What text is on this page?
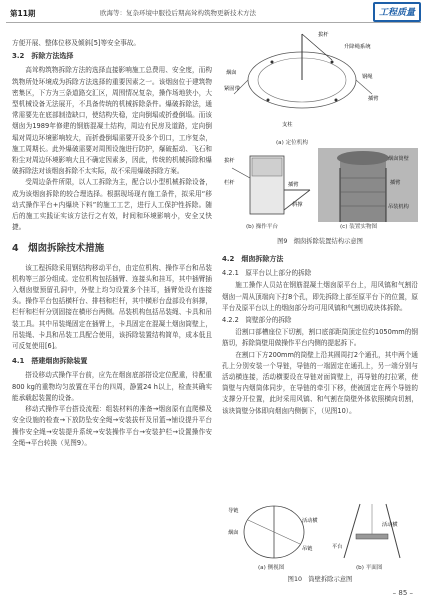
第11期	欧海等：复杂环境中服役后期高耸构筑物更新技术方法	工程质量

方便开展、整体位移及倾斜[5]等安全事故。

3.2　拆除方法选择

高耸构筑物拆除方法的选择直接影响施工总费用、安全度，而构筑物所处环境成为拆除方法选择的重要因素之一。该烟囱位于建筑物密集区，下方为三条道路交汇区，周围情况复杂，操作场地狭小，大型机械设备无法展开，不具备传统的机械拆除条件。爆破拆除法，通常需要先在底部制造缺口，使结构失稳，定向倒塌或折叠倒塌。而该烟囱为1989年修建的钢筋混凝土结构，周边有民房及道路，定向倒塌对周边环境影响较大，而折叠倒塌需要开设多个切口，工序复杂，施工周期长。此外爆破需要对周围设施进行防护，爆破振动、飞石和粉尘对周边环境影响大且不确定因素多，因此，传统的机械拆除和爆破拆除法对该烟囱拆除不太实际，故不采用爆破拆除方案。

受周边条件所限，以人工拆除为主，配合以小型机械拆除设备，成为该烟囱拆除的较合理选择。根据现场现有施工条件，拟采用“移动式操作平台+内爆块下料”的施工工艺，进行人工保护性拆除。随后的施工实践证实该方法行之有效，时间和环境影响小，安全又快捷。

4　烟囱拆除技术措施

该工程拆除采用钢结构移动平台，由定位机构、操作平台和吊装机构等三部分组成。定位机构包括插臂、连接头和挂耳，其中插臂插入烟囱壁预留孔洞中，外壁上均匀设置多个挂耳，插臂处设有连接头。操作平台包括横杆台、排档和栏杆，其中横形台盘部设有斜撑，栏杆和栏杆分别固接在横形台两侧。吊装机构包括吊装绳、卡具和吊装工具。其中吊装绳固定在插臂上，卡具固定在混凝土烟囱筒壁上，吊装绳、卡具和吊装工具配合使用，该拆除装置结构简单，成本低且可反复使用[6]。

4.1　搭建烟囱拆除装置

搭设移动式操作平台前，应先在烟囱底部搭设定位配重，待配重800 kg的重物均匀放置在平台的四周，静置24 h以上，检查其确实能承载起装置的设备。

移动式操作平台搭设流程：组装材料的准备→烟囱原有直爬梯及安全设施的检查→下放防坠安全绳→安装拔杆及吊篮→铺设提升平台操作安全绳→安装提升系统→安装操作平台→安装护栏→设置操作安全绳→平台转换（见图9）。

拔杆
升降绳系统
烟囱
紧固带
钢绳
插臂
支柱
(a) 定位机构
拔杆
栏杆	插臂
斜撑
(b) 操作平台
烟囱筒壁
插臂
吊装机构
(c) 装置实物图
图9　烟囱拆除装置结构示意图
4.2　烟囱拆除方法
4.2.1　原平台以上部分的拆除

施工操作人员站在钢筋混凝土烟囱原平台上，用风镐和气割沿烟囱一周从顶端向下打8个孔，即先拆除上部至原平台下的位置，原平台及原平台以上的烟囱部分均可用风镐和气割切成块体拆除。

4.2.2　筒壁部分的拆除

沿割口部槽座位下切割，割口底部距筒顶定位约1050mm的钢筋切，拆除筒壁用做操作平台内侧的提起拆下。

在割口下方200mm的筒壁上沿其圆周打2个通孔，其中两个通孔上分别安装一个导链，导链的一端固定在通孔上，另一端分别与活动横连接，活动横要设在导链对面筒壁上，再导链的打拉紧，使筒壁与内烟筒体同步，在导链的牵引下移，使被固定在两个导链的支撑分开位置，此时采用风镐、和气割在筒壁外体依照横向切割，该块筒壁分体即向烟囱内侧倒下，（见图10）。

导链
烟囱
活动横
吊链
(a) 侧视图
活动横
平台
(b) 平面图
图10　筒壁拆除示意图
– 85 –
